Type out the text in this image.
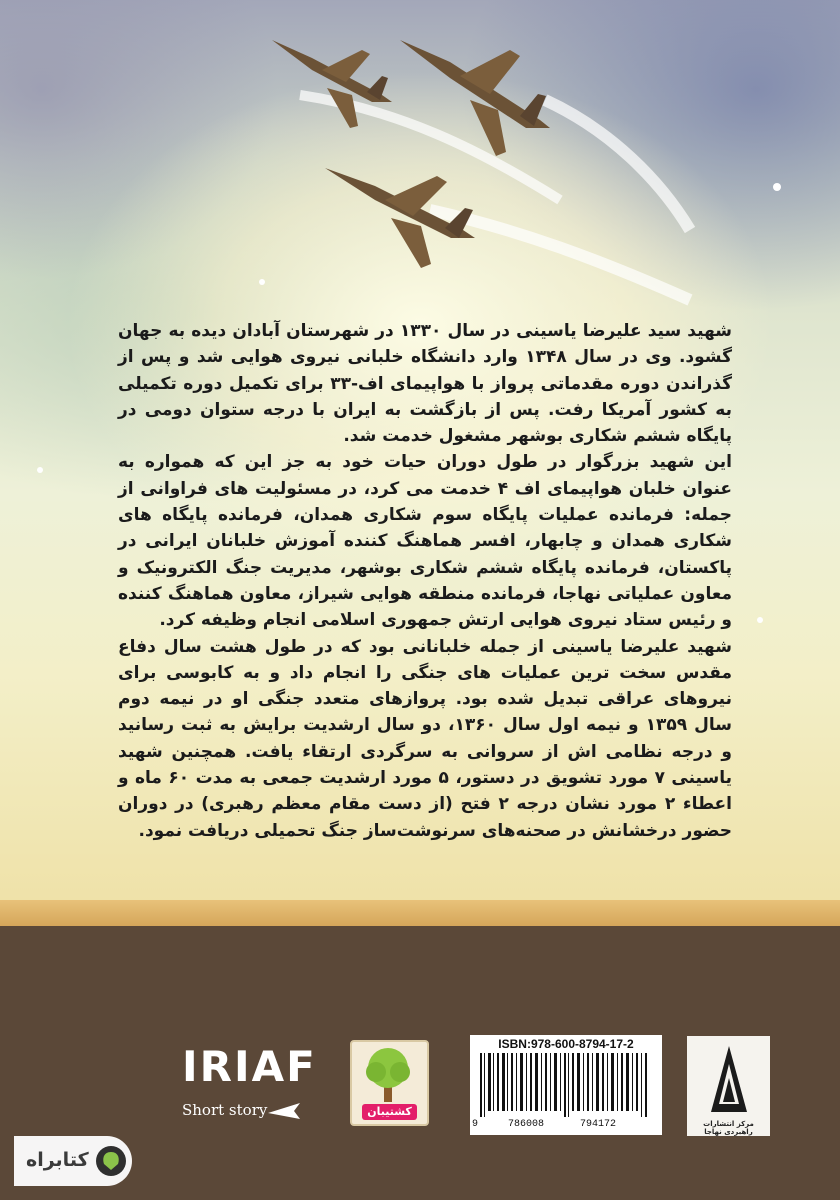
شهید سید علیرضا یاسینی در سال ۱۳۳۰ در شهرستان آبادان دیده به جهان گشود. وی در سال ۱۳۴۸ وارد دانشگاه خلبانی نیروی هوایی شد و پس از گذراندن دوره مقدماتی پرواز با هواپیمای اف-۳۳ برای تکمیل دوره تکمیلی به کشور آمریکا رفت. پس از بازگشت به ایران با درجه ستوان دومی در پایگاه ششم شکاری بوشهر مشغول خدمت شد.

این شهید بزرگوار در طول دوران حیات خود به جز این که همواره به عنوان خلبان هواپیمای اف ۴ خدمت می کرد، در مسئولیت های فراوانی از جمله: فرمانده عملیات پایگاه سوم شکاری همدان، فرمانده پایگاه های شکاری همدان و چابهار، افسر هماهنگ کننده آموزش خلبانان ایرانی در پاکستان، فرمانده پایگاه ششم شکاری بوشهر، مدیریت جنگ الکترونیک و معاون عملیاتی نهاجا، فرمانده منطقه هوایی شیراز، معاون هماهنگ کننده و رئیس ستاد نیروی هوایی ارتش جمهوری اسلامی انجام وظیفه کرد.

شهید علیرضا یاسینی از جمله خلبانانی بود که در طول هشت سال دفاع مقدس سخت ترین عملیات های جنگی را انجام داد و به کابوسی برای نیروهای عراقی تبدیل شده بود. پروازهای متعدد جنگی او در نیمه دوم سال ۱۳۵۹ و نیمه اول سال ۱۳۶۰، دو سال ارشدیت برایش به ثبت رسانید و درجه نظامی اش از سروانی به سرگردی ارتقاء یافت. همچنین شهید یاسینی ۷ مورد تشویق در دستور، ۵ مورد ارشدیت جمعی به مدت ۶۰ ماه و اعطاء ۲ مورد نشان درجه ۲ فتح (از دست مقام معظم رهبری) در دوران حضور درخشانش در صحنه‌های سرنوشت‌ساز جنگ تحمیلی دریافت نمود.

IRIAF
Short story	کشتیبان
ISBN:978-600-8794-17-2
9	786008	794172	مرکز انتشارات راهبردی نهاجا
کتابراه
